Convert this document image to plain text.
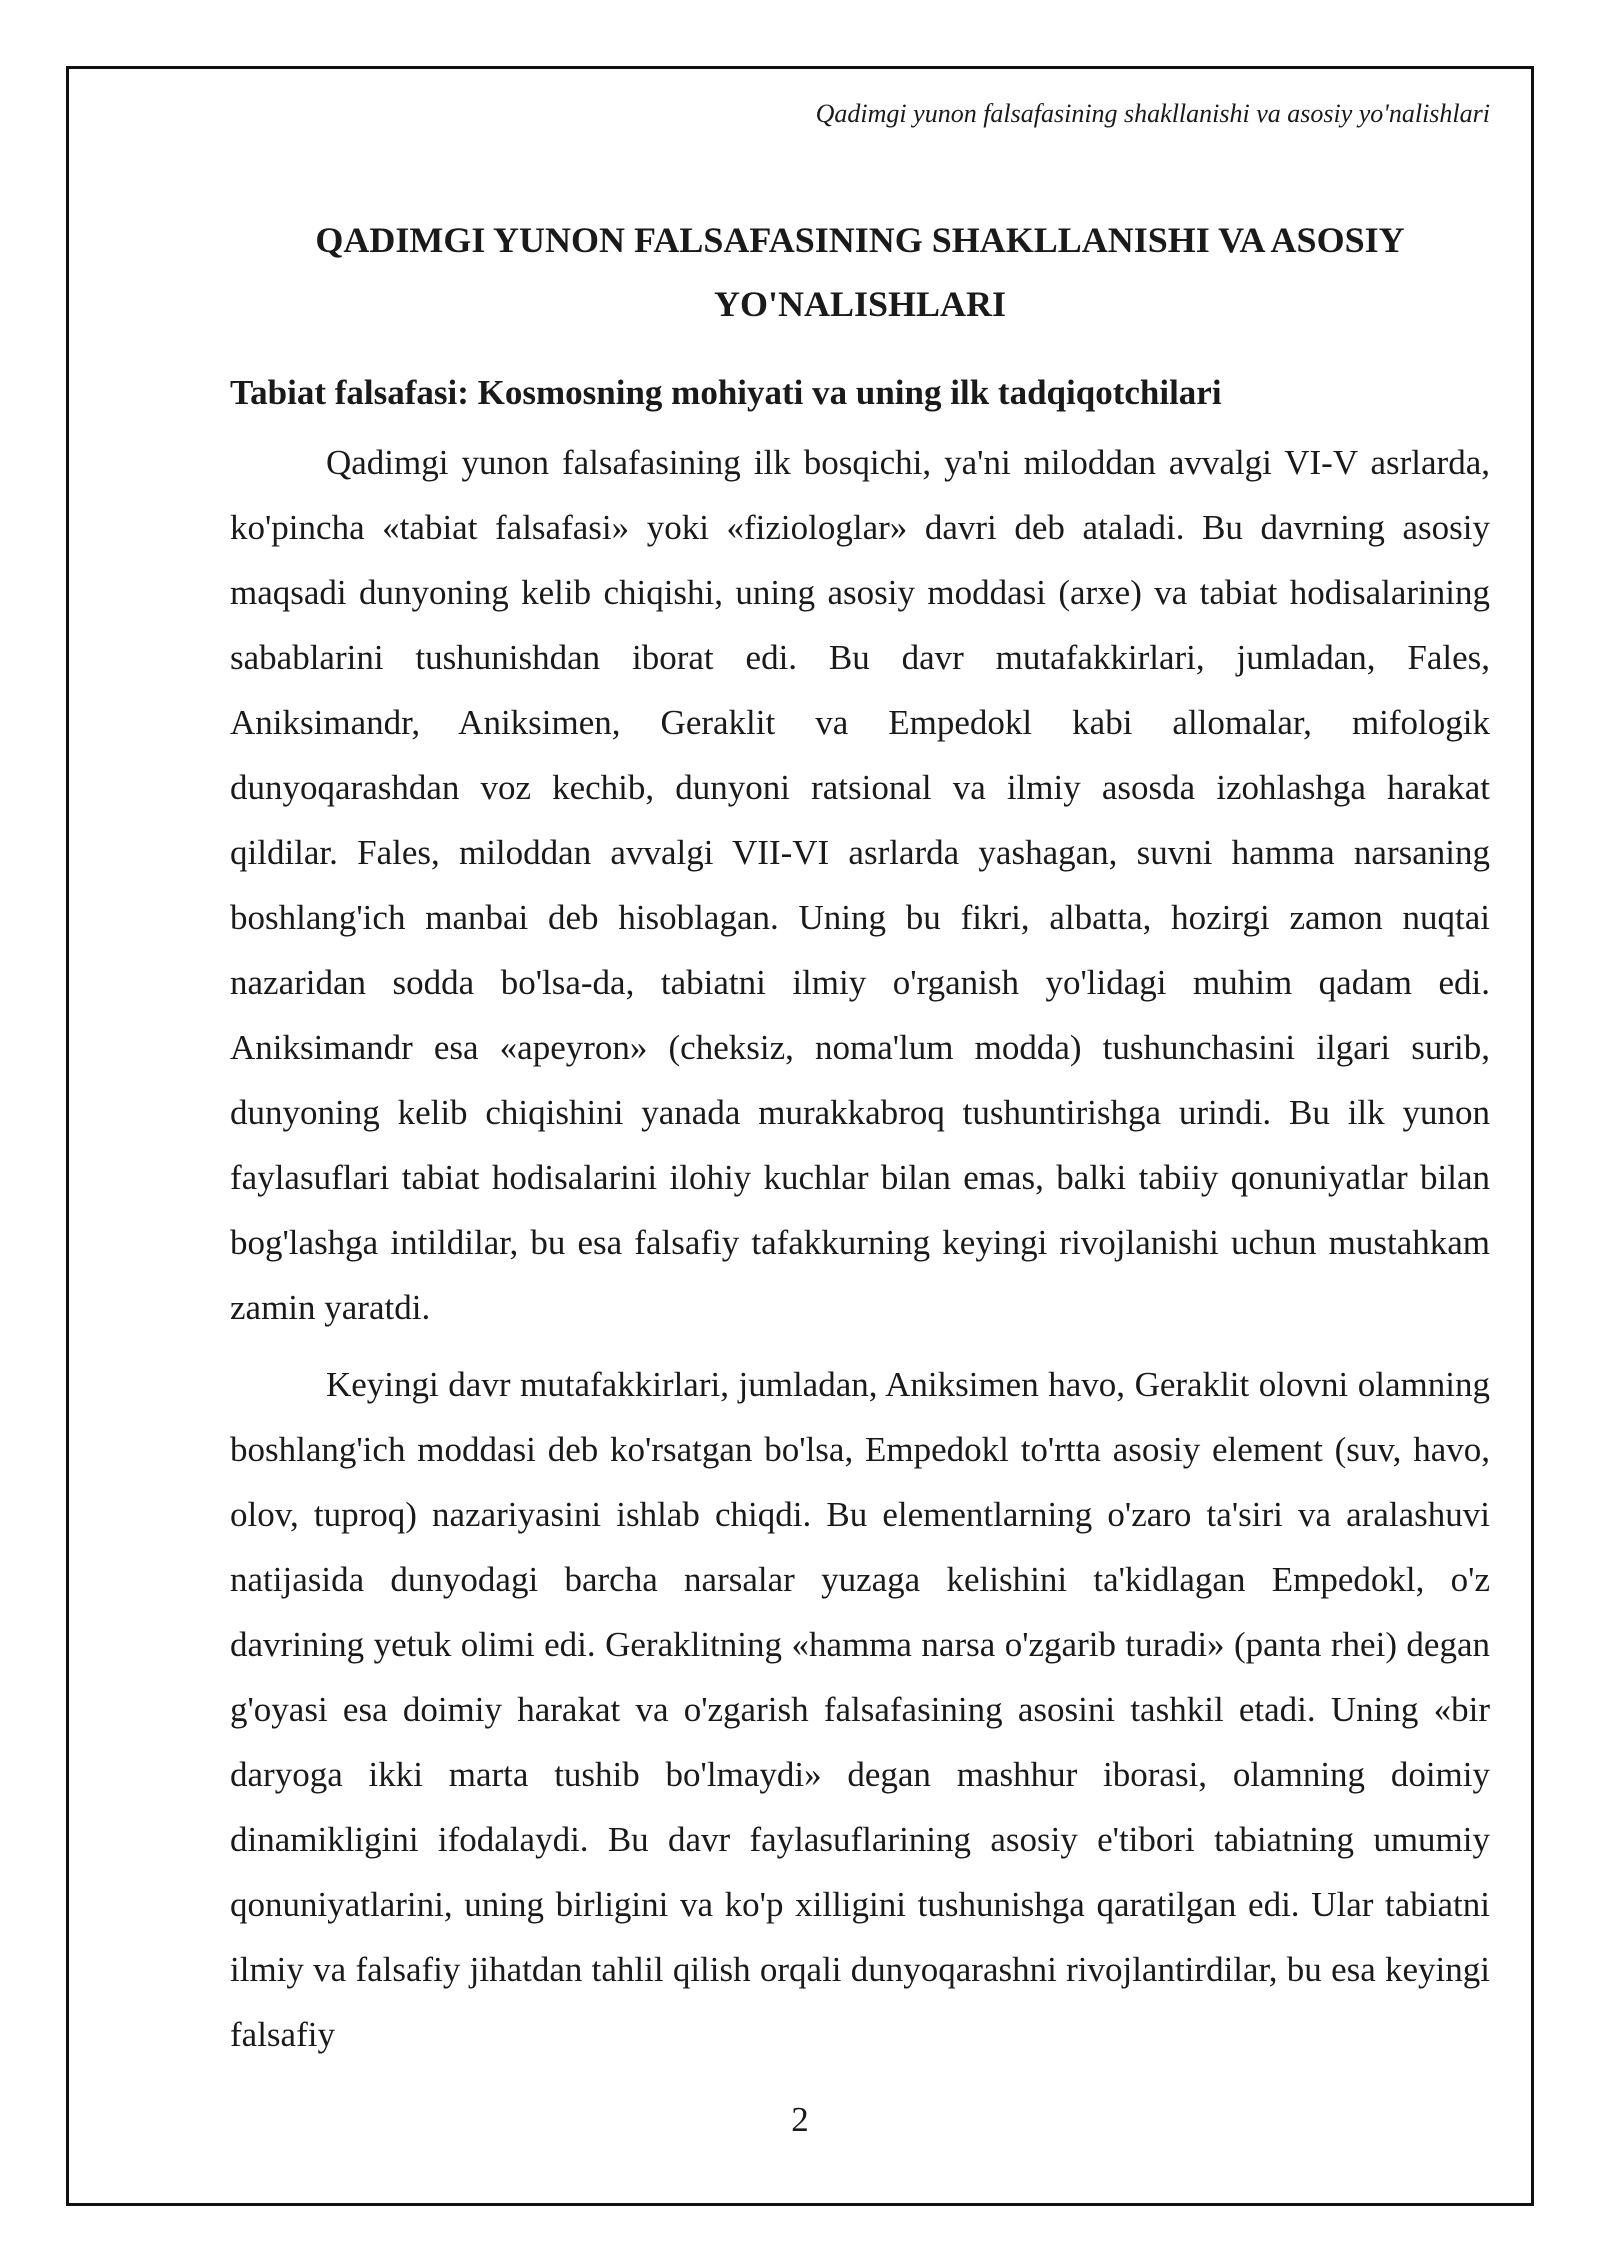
Qadimgi yunon falsafasining shakllanishi va asosiy yo'nalishlari
QADIMGI YUNON FALSAFASINING SHAKLLANISHI VA ASOSIY YO'NALISHLARI
Tabiat falsafasi: Kosmosning mohiyati va uning ilk tadqiqotchilari

Qadimgi yunon falsafasining ilk bosqichi, ya'ni miloddan avvalgi VI-V asrlarda, ko'pincha «tabiat falsafasi» yoki «fiziologlar» davri deb ataladi. Bu davrning asosiy maqsadi dunyoning kelib chiqishi, uning asosiy moddasi (arxe) va tabiat hodisalarining sabablarini tushunishdan iborat edi. Bu davr mutafakkirlari, jumladan, Fales, Aniksimandr, Aniksimen, Geraklit va Empedokl kabi allomalar, mifologik dunyoqarashdan voz kechib, dunyoni ratsional va ilmiy asosda izohlashga harakat qildilar. Fales, miloddan avvalgi VII-VI asrlarda yashagan, suvni hamma narsaning boshlang'ich manbai deb hisoblagan. Uning bu fikri, albatta, hozirgi zamon nuqtai nazaridan sodda bo'lsa-da, tabiatni ilmiy o'rganish yo'lidagi muhim qadam edi. Aniksimandr esa «apeyron» (cheksiz, noma'lum modda) tushunchasini ilgari surib, dunyoning kelib chiqishini yanada murakkabroq tushuntirishga urindi. Bu ilk yunon faylasuflari tabiat hodisalarini ilohiy kuchlar bilan emas, balki tabiiy qonuniyatlar bilan bog'lashga intildilar, bu esa falsafiy tafakkurning keyingi rivojlanishi uchun mustahkam zamin yaratdi.

Keyingi davr mutafakkirlari, jumladan, Aniksimen havo, Geraklit olovni olamning boshlang'ich moddasi deb ko'rsatgan bo'lsa, Empedokl to'rtta asosiy element (suv, havo, olov, tuproq) nazariyasini ishlab chiqdi. Bu elementlarning o'zaro ta'siri va aralashuvi natijasida dunyodagi barcha narsalar yuzaga kelishini ta'kidlagan Empedokl, o'z davrining yetuk olimi edi. Geraklitning «hamma narsa o'zgarib turadi» (panta rhei) degan g'oyasi esa doimiy harakat va o'zgarish falsafasining asosini tashkil etadi. Uning «bir daryoga ikki marta tushib bo'lmaydi» degan mashhur iborasi, olamning doimiy dinamikligini ifodalaydi. Bu davr faylasuflarining asosiy e'tibori tabiatning umumiy qonuniyatlarini, uning birligini va ko'p xilligini tushunishga qaratilgan edi. Ular tabiatni ilmiy va falsafiy jihatdan tahlil qilish orqali dunyoqarashni rivojlantirdilar, bu esa keyingi falsafiy

2
